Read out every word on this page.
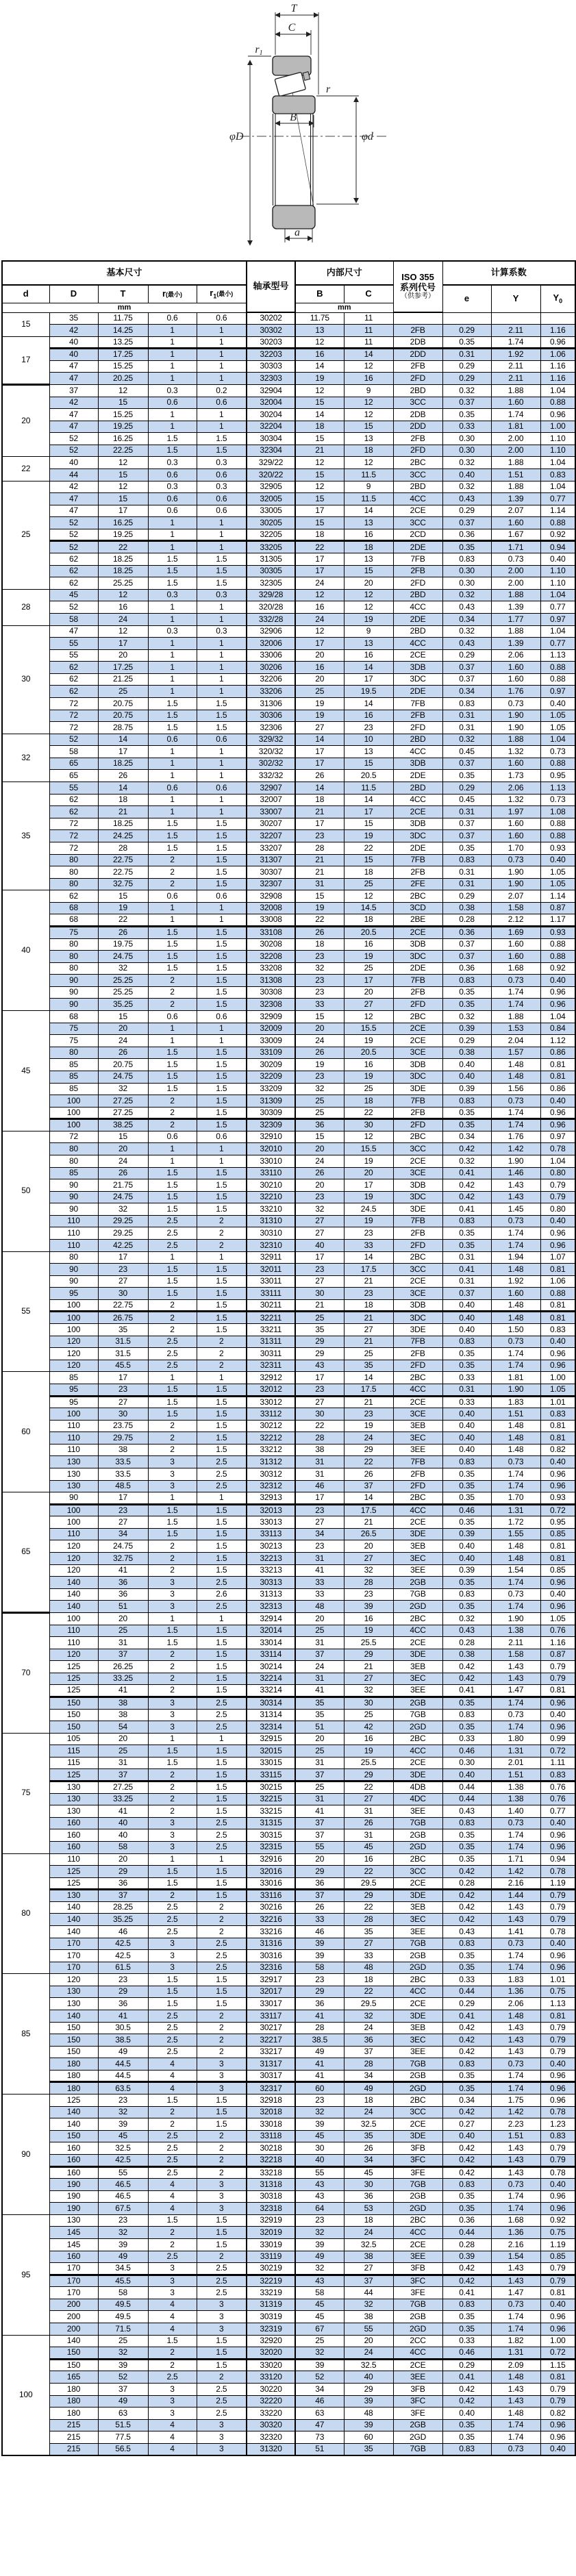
T
C
r1
φD
r
B
φd
a
基本尺寸					轴承型号	内部尺寸		ISO 355
系列代号
（供参考）	计算系数		
d	D	T	r(最小)	$r_1$(最小)		B	C		e	Y	$Y_0$
mm						mm					
15	35	11.75	0.6	0.6	30202	11.75	11				
	42	14.25	1	1	30302	13	11	2FB	0.29	2.11	1.16
17	40	13.25	1	1	30203	12	11	2DB	0.35	1.74	0.96
	40	17.25	1	1	32203	16	14	2DD	0.31	1.92	1.06
	47	15.25	1	1	30303	14	12	2FB	0.29	2.11	1.16
	47	20.25	1	1	32303	19	16	2FD	0.29	2.11	1.16
20	37	12	0.3	0.2	32904	12	9	2BD	0.32	1.88	1.04
	42	15	0.6	0.6	32004	15	12	3CC	0.37	1.60	0.88
	47	15.25	1	1	30204	14	12	2DB	0.35	1.74	0.96
	47	19.25	1	1	32204	18	15	2DD	0.33	1.81	1.00
	52	16.25	1.5	1.5	30304	15	13	2FB	0.30	2.00	1.10
	52	22.25	1.5	1.5	32304	21	18	2FD	0.30	2.00	1.10
22	40	12	0.3	0.3	329/22	12	12	2BC	0.32	1.88	1.04
	44	15	0.6	0.6	320/22	15	11.5	3CC	0.40	1.51	0.83
25	42	12	0.3	0.3	32905	12	9	2BD	0.32	1.88	1.04
	47	15	0.6	0.6	32005	15	11.5	4CC	0.43	1.39	0.77
	47	17	0.6	0.6	33005	17	14	2CE	0.29	2.07	1.14
	52	16.25	1	1	30205	15	13	3CC	0.37	1.60	0.88
	52	19.25	1	1	32205	18	16	2CD	0.36	1.67	0.92
	52	22	1	1	33205	22	18	2DE	0.35	1.71	0.94
	62	18.25	1.5	1.5	31305	17	13	7FB	0.83	0.73	0.40
	62	18.25	1.5	1.5	30305	17	15	2FB	0.30	2.00	1.10
	62	25.25	1.5	1.5	32305	24	20	2FD	0.30	2.00	1.10
28	45	12	0.3	0.3	329/28	12	12	2BD	0.32	1.88	1.04
	52	16	1	1	320/28	16	12	4CC	0.43	1.39	0.77
	58	24	1	1	332/28	24	19	2DE	0.34	1.77	0.97
30	47	12	0.3	0.3	32906	12	9	2BD	0.32	1.88	1.04
	55	17	1	1	32006	17	13	4CC	0.43	1.39	0.77
	55	20	1	1	33006	20	16	2CE	0.29	2.06	1.13
	62	17.25	1	1	30206	16	14	3DB	0.37	1.60	0.88
	62	21.25	1	1	32206	20	17	3DC	0.37	1.60	0.88
	62	25	1	1	33206	25	19.5	2DE	0.34	1.76	0.97
	72	20.75	1.5	1.5	31306	19	14	7FB	0.83	0.73	0.40
	72	20.75	1.5	1.5	30306	19	16	2FB	0.31	1.90	1.05
	72	28.75	1.5	1.5	32306	27	23	2FD	0.31	1.90	1.05
32	52	14	0.6	0.6	329/32	14	10	2BD	0.32	1.88	1.04
	58	17	1	1	320/32	17	13	4CC	0.45	1.32	0.73
	65	18.25	1	1	302/32	17	15	3DB	0.37	1.60	0.88
	65	26	1	1	332/32	26	20.5	2DE	0.35	1.73	0.95
35	55	14	0.6	0.6	32907	14	11.5	2BD	0.29	2.06	1.13
	62	18	1	1	32007	18	14	4CC	0.45	1.32	0.73
	62	21	1	1	33007	21	17	2CE	0.31	1.97	1.08
	72	18.25	1.5	1.5	30207	17	15	3DB	0.37	1.60	0.88
	72	24.25	1.5	1.5	32207	23	19	3DC	0.37	1.60	0.88
	72	28	1.5	1.5	33207	28	22	2DE	0.35	1.70	0.93
	80	22.75	2	1.5	31307	21	15	7FB	0.83	0.73	0.40
	80	22.75	2	1.5	30307	21	18	2FB	0.31	1.90	1.05
	80	32.75	2	1.5	32307	31	25	2FE	0.31	1.90	1.05
40	62	15	0.6	0.6	32908	15	12	2BC	0.29	2.07	1.14
	68	19	1	1	32008	19	14.5	3CD	0.38	1.58	0.87
	68	22	1	1	33008	22	18	2BE	0.28	2.12	1.17
	75	26	1.5	1.5	33108	26	20.5	2CE	0.36	1.69	0.93
	80	19.75	1.5	1.5	30208	18	16	3DB	0.37	1.60	0.88
	80	24.75	1.5	1.5	32208	23	19	3DC	0.37	1.60	0.88
	80	32	1.5	1.5	33208	32	25	2DE	0.36	1.68	0.92
	90	25.25	2	1.5	31308	23	17	7FB	0.83	0.73	0.40
	90	25.25	2	1.5	30308	23	20	2FB	0.35	1.74	0.96
	90	35.25	2	1.5	32308	33	27	2FD	0.35	1.74	0.96
45	68	15	0.6	0.6	32909	15	12	2BC	0.32	1.88	1.04
	75	20	1	1	32009	20	15.5	2CE	0.39	1.53	0.84
	75	24	1	1	33009	24	19	2CE	0.29	2.04	1.12
	80	26	1.5	1.5	33109	26	20.5	3CE	0.38	1.57	0.86
	85	20.75	1.5	1.5	30209	19	16	3DB	0.40	1.48	0.81
	85	24.75	1.5	1.5	32209	23	19	3DC	0.40	1.48	0.81
	85	32	1.5	1.5	33209	32	25	3DE	0.39	1.56	0.86
	100	27.25	2	1.5	31309	25	18	7FB	0.83	0.73	0.40
	100	27.25	2	1.5	30309	25	22	2FB	0.35	1.74	0.96
	100	38.25	2	1.5	32309	36	30	2FD	0.35	1.74	0.96
50	72	15	0.6	0.6	32910	15	12	2BC	0.34	1.76	0.97
	80	20	1	1	32010	20	15.5	3CC	0.42	1.42	0.78
	80	24	1	1	33010	24	19	2CE	0.32	1.90	1.04
	85	26	1.5	1.5	33110	26	20	3CE	0.41	1.46	0.80
	90	21.75	1.5	1.5	30210	20	17	3DB	0.42	1.43	0.79
	90	24.75	1.5	1.5	32210	23	19	3DC	0.42	1.43	0.79
	90	32	1.5	1.5	33210	32	24.5	3DE	0.41	1.45	0.80
	110	29.25	2.5	2	31310	27	19	7FB	0.83	0.73	0.40
	110	29.25	2.5	2	30310	27	23	2FB	0.35	1.74	0.96
	110	42.25	2.5	2	32310	40	33	2FD	0.35	1.74	0.96
55	80	17	1	1	32911	17	14	2BC	0.31	1.94	1.07
	90	23	1.5	1.5	32011	23	17.5	3CC	0.41	1.48	0.81
	90	27	1.5	1.5	33011	27	21	2CE	0.31	1.92	1.06
	95	30	1.5	1.5	33111	30	23	3CE	0.37	1.60	0.88
	100	22.75	2	1.5	30211	21	18	3DB	0.40	1.48	0.81
	100	26.75	2	1.5	32211	25	21	3DC	0.40	1.48	0.81
	100	35	2	1.5	33211	35	27	3DE	0.40	1.50	0.83
	120	31.5	2.5	2	31311	29	21	7FB	0.83	0.73	0.40
	120	31.5	2.5	2	30311	29	25	2FB	0.35	1.74	0.96
	120	45.5	2.5	2	32311	43	35	2FD	0.35	1.74	0.96
60	85	17	1	1	32912	17	14	2BC	0.33	1.81	1.00
	95	23	1.5	1.5	32012	23	17.5	4CC	0.31	1.90	1.05
	95	27	1.5	1.5	33012	27	21	2CE	0.33	1.83	1.01
	100	30	1.5	1.5	33112	30	23	3CE	0.40	1.51	0.83
	110	23.75	2	1.5	30212	22	19	3EB	0.40	1.48	0.81
	110	29.75	2	1.5	32212	28	24	3EC	0.40	1.48	0.81
	110	38	2	1.5	33212	38	29	3EE	0.40	1.48	0.82
	130	33.5	3	2.5	31312	31	22	7FB	0.83	0.73	0.40
	130	33.5	3	2.5	30312	31	26	2FB	0.35	1.74	0.96
	130	48.5	3	2.5	32312	46	37	2FD	0.35	1.74	0.96
65	90	17	1	1	32913	17	14	2BC	0.35	1.70	0.93
	100	23	1.5	1.5	32013	23	17.5	4CC	0.46	1.31	0.72
	100	27	1.5	1.5	33013	27	21	2CE	0.35	1.72	0.95
	110	34	1.5	1.5	33113	34	26.5	3DE	0.39	1.55	0.85
	120	24.75	2	1.5	30213	23	20	3EB	0.40	1.48	0.81
	120	32.75	2	1.5	32213	31	27	3EC	0.40	1.48	0.81
	120	41	2	1.5	33213	41	32	3EE	0.39	1.54	0.85
	140	36	3	2.5	30313	33	28	2GB	0.35	1.74	0.96
	140	36	3	2.6	31313	33	23	7GB	0.83	0.73	0.40
	140	51	3	2.5	32313	48	39	2GD	0.35	1.74	0.96
70	100	20	1	1	32914	20	16	2BC	0.32	1.90	1.05
	110	25	1.5	1.5	32014	25	19	4CC	0.43	1.38	0.76
	110	31	1.5	1.5	33014	31	25.5	2CE	0.28	2.11	1.16
	120	37	2	1.5	33114	37	29	3DE	0.38	1.58	0.87
	125	26.25	2	1.5	30214	24	21	3EB	0.42	1.43	0.79
	125	33.25	2	1.5	32214	31	27	3EC	0.42	1.43	0.79
	125	41	2	1.5	33214	41	32	3EE	0.41	1.47	0.81
	150	38	3	2.5	30314	35	30	2GB	0.35	1.74	0.96
	150	38	3	2.5	31314	35	25	7GB	0.83	0.73	0.40
	150	54	3	2.5	32314	51	42	2GD	0.35	1.74	0.96
75	105	20	1	1	32915	20	16	2BC	0.33	1.80	0.99
	115	25	1.5	1.5	32015	25	19	4CC	0.46	1.31	0.72
	115	31	1.5	1.5	33015	31	25.5	2CE	0.30	2.01	1.11
	125	37	2	1.5	33115	37	29	3DE	0.40	1.51	0.83
	130	27.25	2	1.5	30215	25	22	4DB	0.44	1.38	0.76
	130	33.25	2	1.5	32215	31	27	4DC	0.44	1.38	0.76
	130	41	2	1.5	33215	41	31	3EE	0.43	1.40	0.77
	160	40	3	2.5	31315	37	26	7GB	0.83	0.73	0.40
	160	40	3	2.5	30315	37	31	2GB	0.35	1.74	0.96
	160	58	3	2.5	32315	55	45	2GD	0.35	1.74	0.96
80	110	20	1	1	32916	20	16	2BC	0.35	1.71	0.94
	125	29	1.5	1.5	32016	29	22	3CC	0.42	1.42	0.78
	125	36	1.5	1.5	33016	36	29.5	2CE	0.28	2.16	1.19
	130	37	2	1.5	33116	37	29	3DE	0.42	1.44	0.79
	140	28.25	2.5	2	30216	26	22	3EB	0.42	1.43	0.79
	140	35.25	2.5	2	32216	33	28	3EC	0.42	1.43	0.79
	140	46	2.5	2	33216	46	35	3EE	0.43	1.41	0.78
	170	42.5	3	2.5	31316	39	27	7GB	0.83	0.73	0.40
	170	42.5	3	2.5	30316	39	33	2GB	0.35	1.74	0.96
	170	61.5	3	2.5	32316	58	48	2GD	0.35	1.74	0.96
85	120	23	1.5	1.5	32917	23	18	2BC	0.33	1.83	1.01
	130	29	1.5	1.5	32017	29	22	4CC	0.44	1.36	0.75
	130	36	1.5	1.5	33017	36	29.5	2CE	0.29	2.06	1.13
	140	41	2.5	2	33117	41	32	3DE	0.41	1.48	0.81
	150	30.5	2.5	2	30217	28	24	3EB	0.42	1.43	0.79
	150	38.5	2.5	2	32217	38.5	36	3EC	0.42	1.43	0.79
	150	49	2.5	2	33217	49	37	3EE	0.42	1.43	0.79
	180	44.5	4	3	31317	41	28	7GB	0.83	0.73	0.40
	180	44.5	4	3	30317	41	34	2GB	0.35	1.74	0.96
	180	63.5	4	3	32317	60	49	2GD	0.35	1.74	0.96
90	125	23	1.5	1.5	32918	23	18	2BC	0.34	1.75	0.96
	140	32	2	1.5	32018	32	24	3CC	0.42	1.42	0.78
	140	39	2	1.5	33018	39	32.5	2CE	0.27	2.23	1.23
	150	45	2.5	2	33118	45	35	3DE	0.40	1.51	0.83
	160	32.5	2.5	2	30218	30	26	3FB	0.42	1.43	0.79
	160	42.5	2.5	2	32218	40	34	3FC	0.42	1.43	0.79
	160	55	2.5	2	33218	55	45	3FE	0.42	1.43	0.78
	190	46.5	4	3	31318	43	30	7GB	0.83	0.73	0.40
	190	46.5	4	3	30318	43	36	2GB	0.35	1.74	0.96
	190	67.5	4	3	32318	64	53	2GD	0.35	1.74	0.96
95	130	23	1.5	1.5	32919	23	18	2BC	0.36	1.68	0.92
	145	32	2	1.5	32019	32	24	4CC	0.44	1.36	0.75
	145	39	2	1.5	33019	39	32.5	2CE	0.28	2.16	1.19
	160	49	2.5	2	33119	49	38	3EE	0.39	1.54	0.85
	170	34.5	3	2.5	30219	32	27	3FB	0.42	1.43	0.79
	170	45.5	3	2.5	32219	43	37	3FC	0.42	1.43	0.79
	170	58	3	2.5	33219	58	44	3FE	0.41	1.47	0.81
	200	49.5	4	3	31319	45	32	7GB	0.83	0.73	0.40
	200	49.5	4	3	30319	45	38	2GB	0.35	1.74	0.96
	200	71.5	4	3	32319	67	55	2GD	0.35	1.74	0.96
100	140	25	1.5	1.5	32920	25	20	2CC	0.33	1.82	1.00
	150	32	2	1.5	32020	32	24	4CC	0.46	1.31	0.72
	150	39	2	1.5	33020	39	32.5	2CE	0.29	2.09	1.15
	165	52	2.5	2	33120	52	40	3EE	0.41	1.48	0.81
	180	37	3	2.5	30220	34	29	3FB	0.42	1.43	0.79
	180	49	3	2.5	32220	46	39	3FC	0.42	1.43	0.79
	180	63	3	2.5	33220	63	48	3FE	0.40	1.48	0.82
	215	51.5	4	3	30320	47	39	2GB	0.35	1.74	0.96
	215	77.5	4	3	32320	73	60	2GD	0.35	1.74	0.96
	215	56.5	4	3	31320	51	35	7GB	0.83	0.73	0.40
